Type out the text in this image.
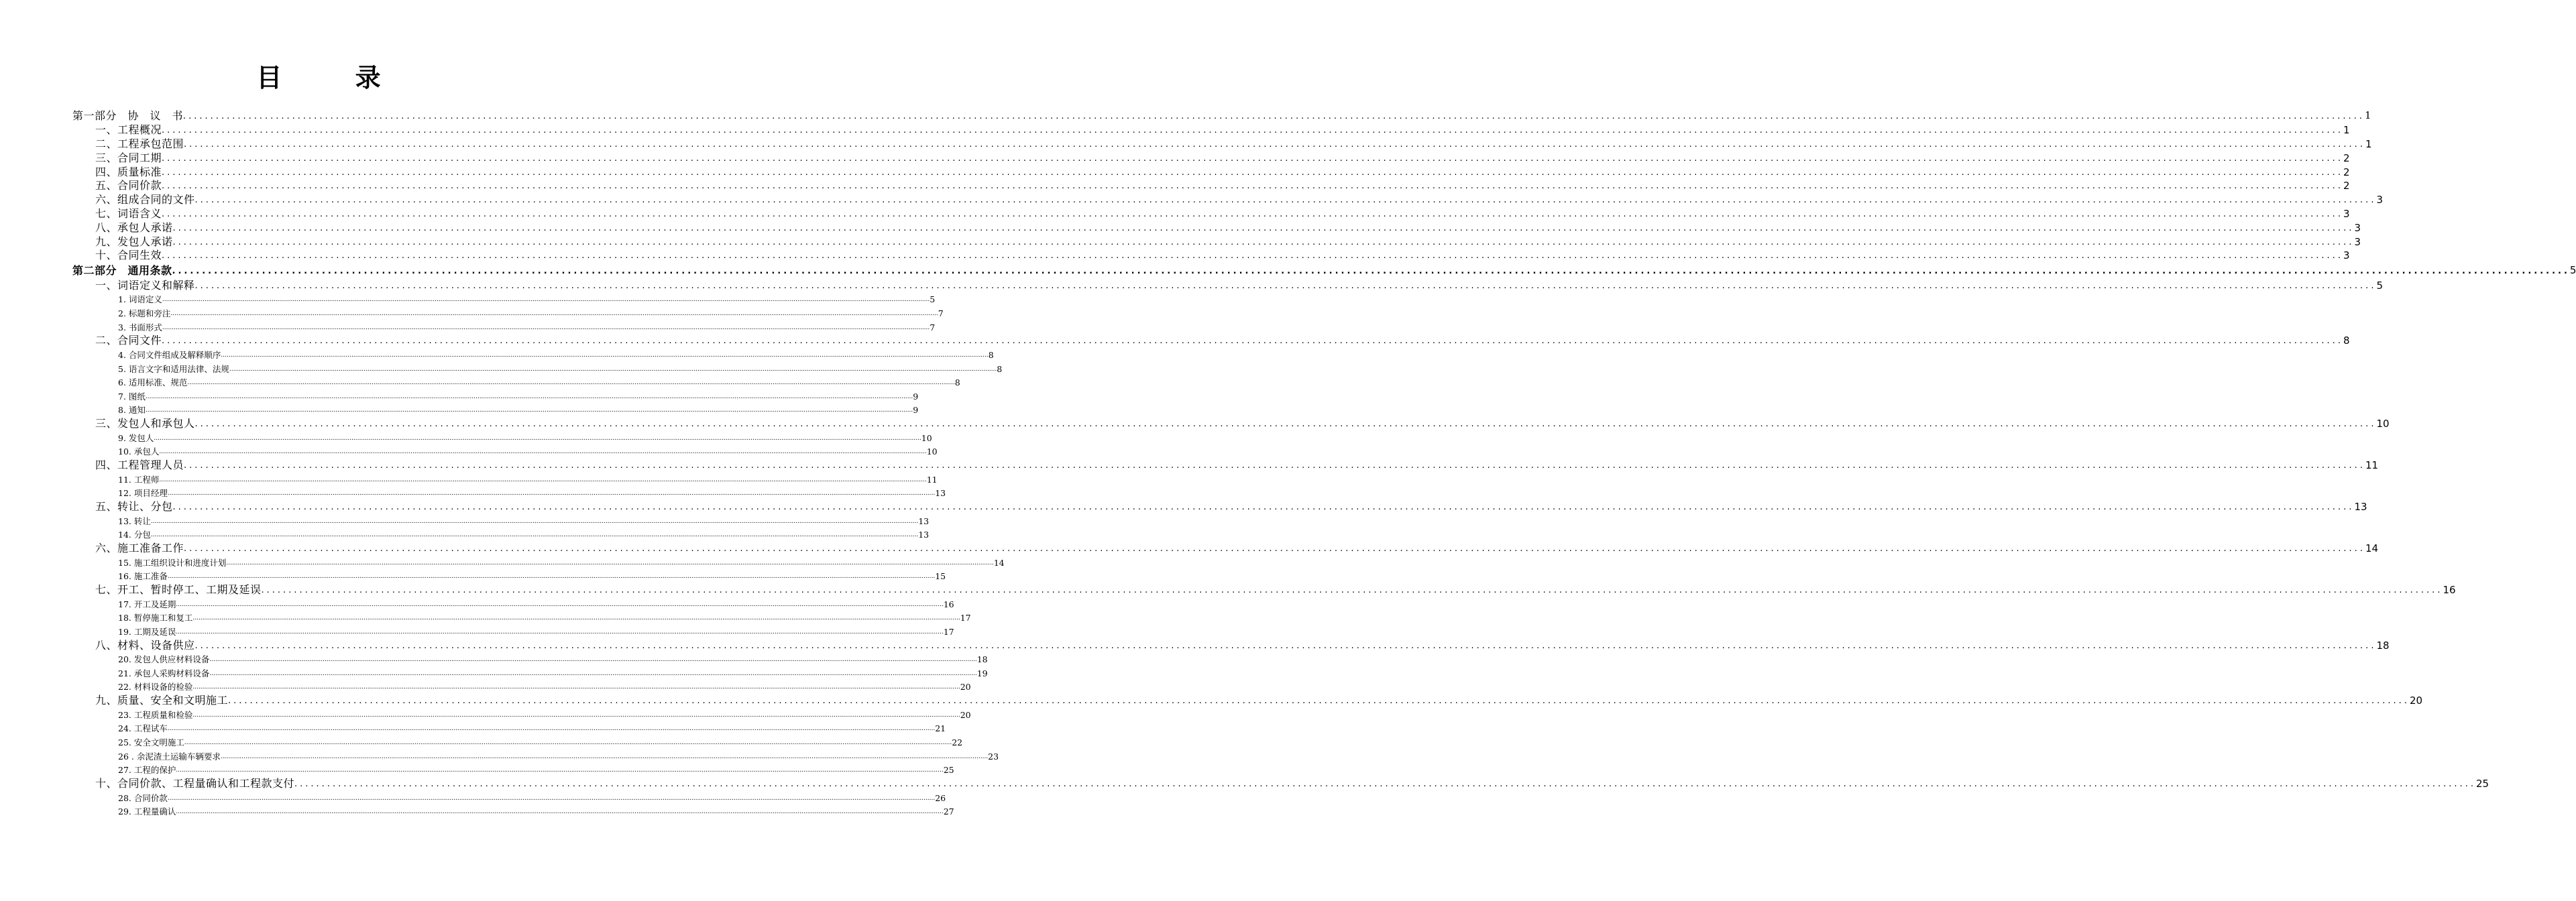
目 录
第一部分　协　议　书 ................................................................................................................................................................................................................................................................................................................................................................................................................ 1
一、工程概况 ................................................................................................................................................................................................................................................................................................................................................................................................................ 1
二、工程承包范围 ................................................................................................................................................................................................................................................................................................................................................................................................................ 1
三、合同工期 ................................................................................................................................................................................................................................................................................................................................................................................................................ 2
四、质量标准 ................................................................................................................................................................................................................................................................................................................................................................................................................ 2
五、合同价款 ................................................................................................................................................................................................................................................................................................................................................................................................................ 2
六、组成合同的文件 ................................................................................................................................................................................................................................................................................................................................................................................................................ 3
七、词语含义 ................................................................................................................................................................................................................................................................................................................................................................................................................ 3
八、承包人承诺 ................................................................................................................................................................................................................................................................................................................................................................................................................ 3
九、发包人承诺 ................................................................................................................................................................................................................................................................................................................................................................................................................ 3
十、合同生效 ................................................................................................................................................................................................................................................................................................................................................................................................................ 3
第二部分　通用条款 ................................................................................................................................................................................................................................................................................................................................................................................................................ 5
一、词语定义和解释 ................................................................................................................................................................................................................................................................................................................................................................................................................ 5
1. 词语定义 ................................................................................................................................................................................................................................................................................................................................................................................................................ 5
2. 标题和旁注 ................................................................................................................................................................................................................................................................................................................................................................................................................ 7
3. 书面形式 ................................................................................................................................................................................................................................................................................................................................................................................................................ 7
二、合同文件 ................................................................................................................................................................................................................................................................................................................................................................................................................ 8
4. 合同文件组成及解释顺序 ................................................................................................................................................................................................................................................................................................................................................................................................................ 8
5. 语言文字和适用法律、法规 ................................................................................................................................................................................................................................................................................................................................................................................................................ 8
6. 适用标准、规范 ................................................................................................................................................................................................................................................................................................................................................................................................................ 8
7. 图纸 ................................................................................................................................................................................................................................................................................................................................................................................................................ 9
8. 通知 ................................................................................................................................................................................................................................................................................................................................................................................................................ 9
三、发包人和承包人 ................................................................................................................................................................................................................................................................................................................................................................................................................ 10
9. 发包人 ................................................................................................................................................................................................................................................................................................................................................................................................................ 10
10. 承包人 ................................................................................................................................................................................................................................................................................................................................................................................................................ 10
四、工程管理人员 ................................................................................................................................................................................................................................................................................................................................................................................................................ 11
11. 工程师 ................................................................................................................................................................................................................................................................................................................................................................................................................ 11
12. 项目经理 ................................................................................................................................................................................................................................................................................................................................................................................................................ 13
五、转让、分包 ................................................................................................................................................................................................................................................................................................................................................................................................................ 13
13. 转让 ................................................................................................................................................................................................................................................................................................................................................................................................................ 13
14. 分包 ................................................................................................................................................................................................................................................................................................................................................................................................................ 13
六、施工准备工作 ................................................................................................................................................................................................................................................................................................................................................................................................................ 14
15. 施工组织设计和进度计划 ................................................................................................................................................................................................................................................................................................................................................................................................................ 14
16. 施工准备 ................................................................................................................................................................................................................................................................................................................................................................................................................ 15
七、开工、暂时停工、工期及延误 ................................................................................................................................................................................................................................................................................................................................................................................................................ 16
17. 开工及延期 ................................................................................................................................................................................................................................................................................................................................................................................................................ 16
18. 暂停施工和复工 ................................................................................................................................................................................................................................................................................................................................................................................................................ 17
19. 工期及延误 ................................................................................................................................................................................................................................................................................................................................................................................................................ 17
八、材料、设备供应 ................................................................................................................................................................................................................................................................................................................................................................................................................ 18
20. 发包人供应材料设备 ................................................................................................................................................................................................................................................................................................................................................................................................................ 18
21. 承包人采购材料设备 ................................................................................................................................................................................................................................................................................................................................................................................................................ 19
22. 材料设备的检验 ................................................................................................................................................................................................................................................................................................................................................................................................................ 20
九、质量、安全和文明施工 ................................................................................................................................................................................................................................................................................................................................................................................................................ 20
23. 工程质量和检验 ................................................................................................................................................................................................................................................................................................................................................................................................................ 20
24. 工程试车 ................................................................................................................................................................................................................................................................................................................................................................................................................ 21
25. 安全文明施工 ................................................................................................................................................................................................................................................................................................................................................................................................................ 22
26 . 余泥渣土运输车辆要求 ................................................................................................................................................................................................................................................................................................................................................................................................................ 23
27. 工程的保护 ................................................................................................................................................................................................................................................................................................................................................................................................................ 25
十、合同价款、工程量确认和工程款支付 ................................................................................................................................................................................................................................................................................................................................................................................................................ 25
28. 合同价款 ................................................................................................................................................................................................................................................................................................................................................................................................................ 26
29. 工程量确认 ................................................................................................................................................................................................................................................................................................................................................................................................................ 27
